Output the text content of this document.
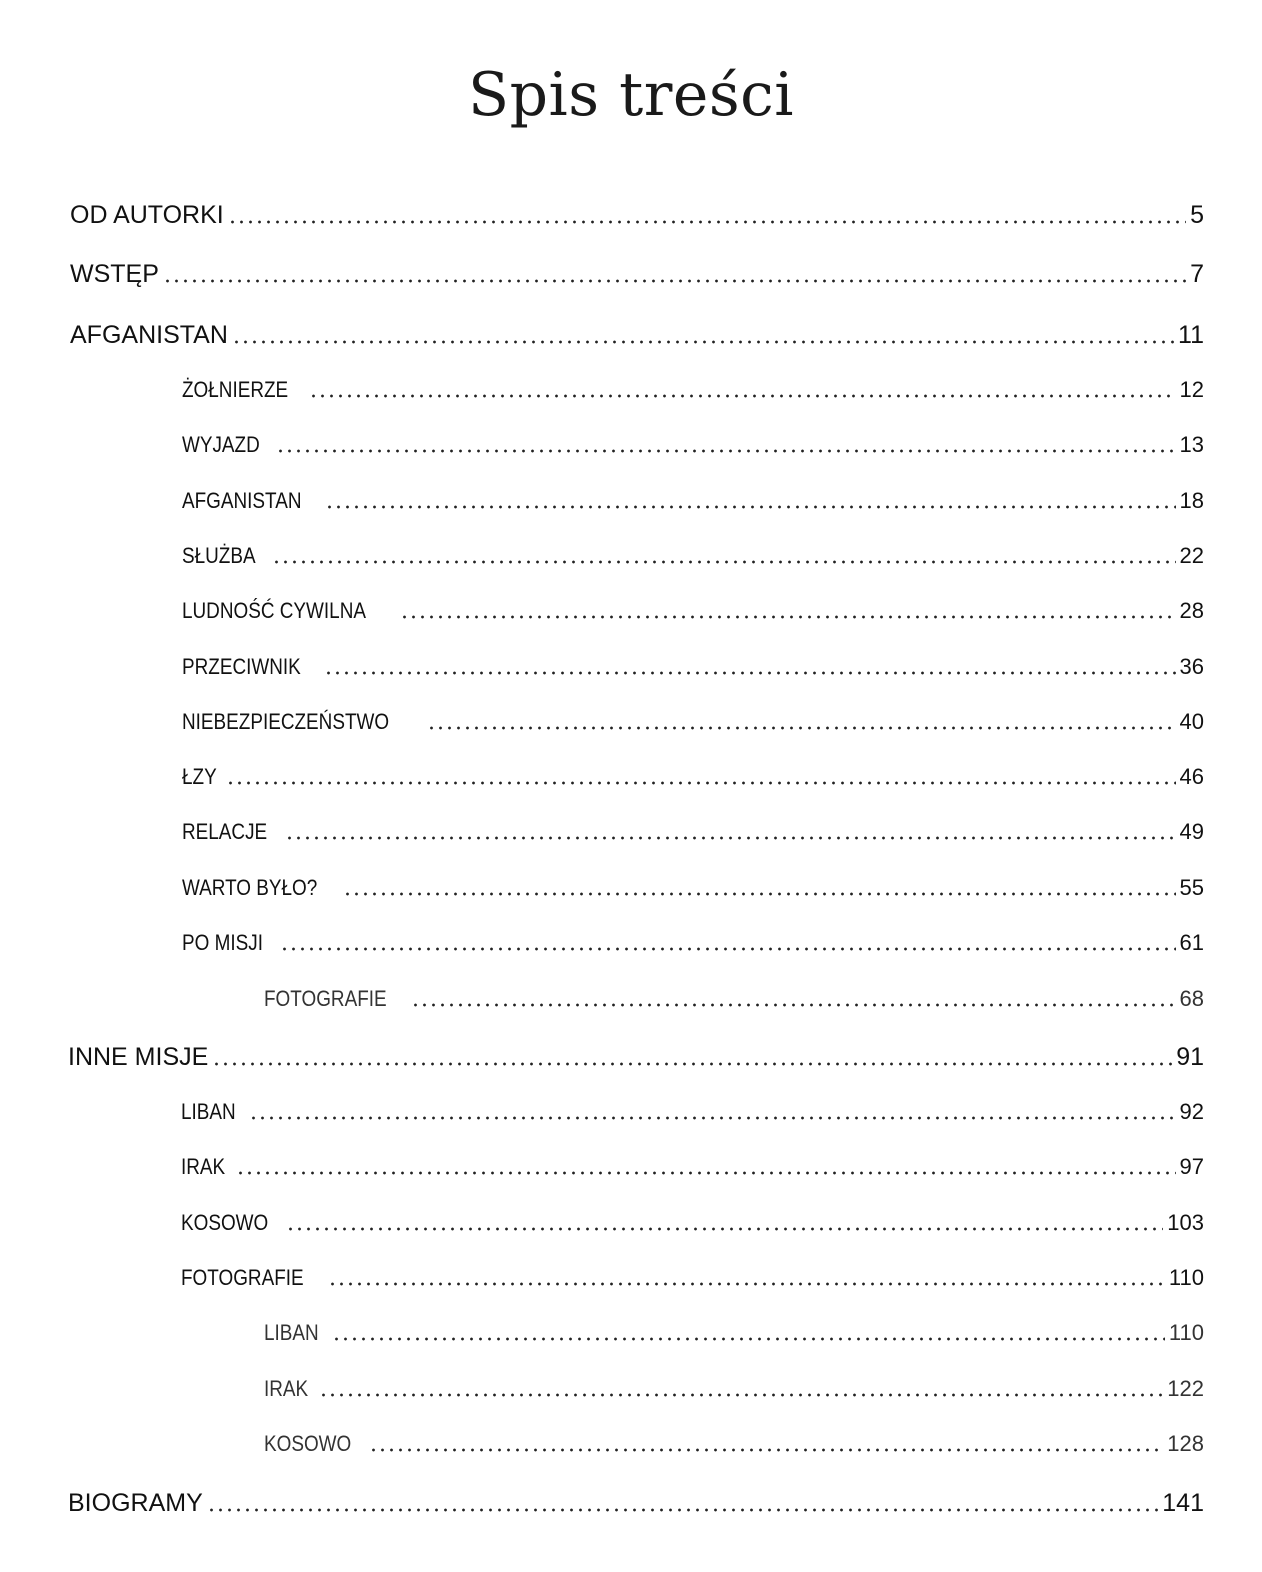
Spis treści
OD AUTORKI	5
WSTĘP	7
AFGANISTAN	11
ŻOŁNIERZE	12
WYJAZD	13
AFGANISTAN	18
SŁUŻBA	22
LUDNOŚĆ CYWILNA	28
PRZECIWNIK	36
NIEBEZPIECZEŃSTWO	40
ŁZY	46
RELACJE	49
WARTO BYŁO?	55
PO MISJI	61
FOTOGRAFIE	68
INNE MISJE	91
LIBAN	92
IRAK	97
KOSOWO	103
FOTOGRAFIE	110
LIBAN	110
IRAK	122
KOSOWO	128
BIOGRAMY	141
